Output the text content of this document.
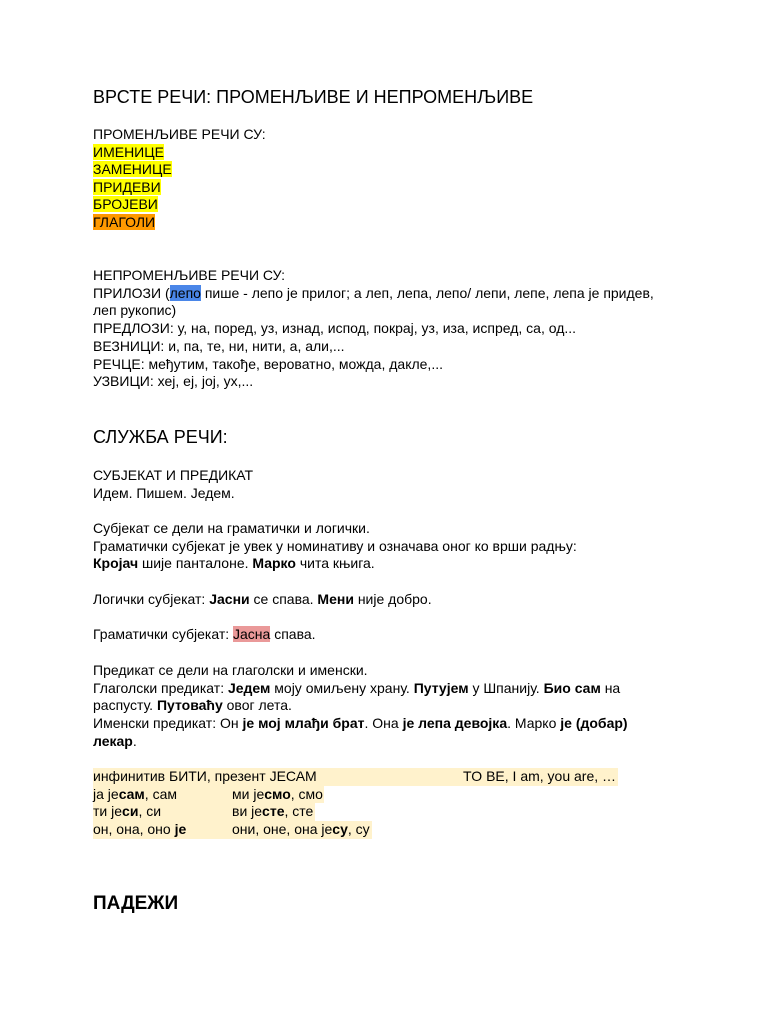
ВРСТЕ РЕЧИ: ПРОМЕНЉИВЕ И НЕПРОМЕНЉИВЕ
ПРОМЕНЉИВЕ РЕЧИ СУ:
ИМЕНИЦЕ
ЗАМЕНИЦЕ
ПРИДЕВИ
БРОЈЕВИ
ГЛАГОЛИ
НЕПРОМЕНЉИВЕ РЕЧИ СУ:
ПРИЛОЗИ (лепо пише - лепо је прилог; а леп, лепа, лепо/ лепи, лепе, лепа је придев,
леп рукопис)
ПРЕДЛОЗИ: у, на, поред, уз, изнад, испод, покрај, уз, иза, испред, са, од...
ВЕЗНИЦИ: и, па, те, ни, нити, а, али,...
РЕЧЦЕ: међутим, такође, вероватно, можда, дакле,...
УЗВИЦИ: хеј, еј, јој, ух,...
СЛУЖБА РЕЧИ:
СУБЈЕКАТ И ПРЕДИКАТ
Идем. Пишем. Једем.
Субјекат се дели на граматички и логички.
Граматички субјекат је увек у номинативу и означава оног ко врши радњу:
Кројач шије панталоне. Марко чита књига.
Логички субјекат: Јасни се спава. Мени није добро.
Граматички субјекат: Јасна спава.
Предикат се дели на глаголски и именски.
Глаголски предикат: Једем моју омиљену храну. Путујем у Шпанију. Био сам на
распусту. Путоваћу овог лета.
Именски предикат: Он је мој млађи брат. Она је лепа девојка. Марко је (добар)
лекар.
инфинитив БИТИ, презент ЈЕСАМ	TO BE, I am, you are, …
ја јесам, сам	ми јесмо, смо
ти јеси, си	ви јесте, сте
он, она, оно је	они, оне, она јесу, су
ПАДЕЖИ
